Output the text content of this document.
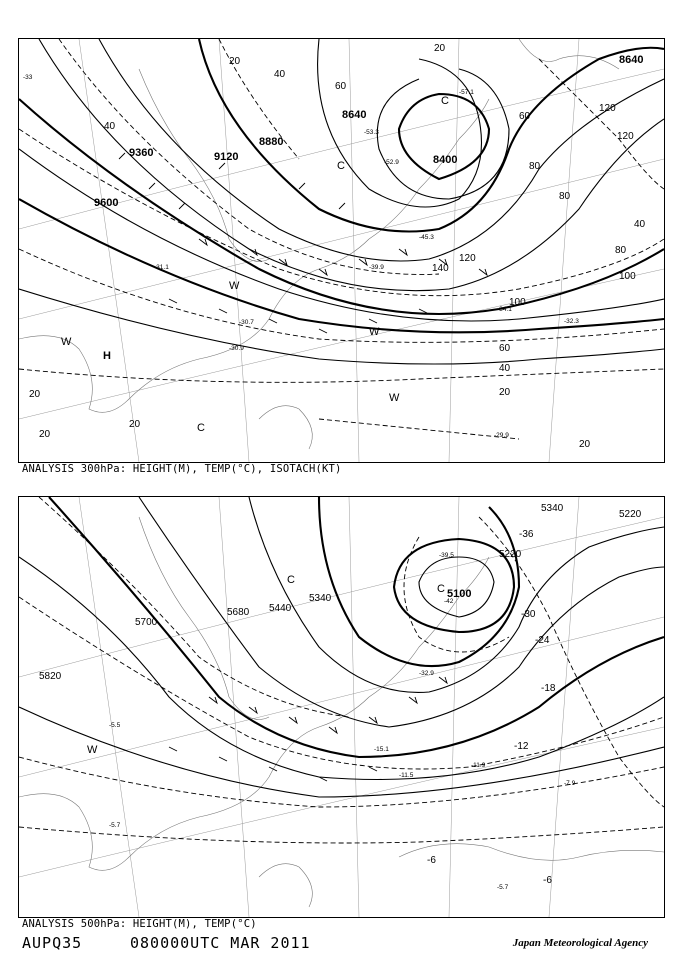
9600
9360	9120
8880
8640
8400
8640
20
40
60
80
100
120
140
100
80
60
40
20
20
40
60
80
120
120
40
20
20
20
20
-33
-31.1
-30.7
-30.9
-53.3
-52.9
-57.1
-45.3
-39.9
-34.1
-32.3
-29.9
H
C
C
W
W
W
W
C
ANALYSIS 300hPa: HEIGHT(M), TEMP(°C), ISOTACH(KT)
5820
5700
5680 5440
5340	5100
5220
5340
5220
-36
-30
-24
-18
-12
-6
-6
-42
-39.5
-32.9
-15.1
-11.5
-11.9
-7.9
-5.5
-5.7
-5.7
C
C
W
ANALYSIS 500hPa: HEIGHT(M), TEMP(°C)
AUPQ35	080000UTC MAR 2011	Japan Meteorological Agency
